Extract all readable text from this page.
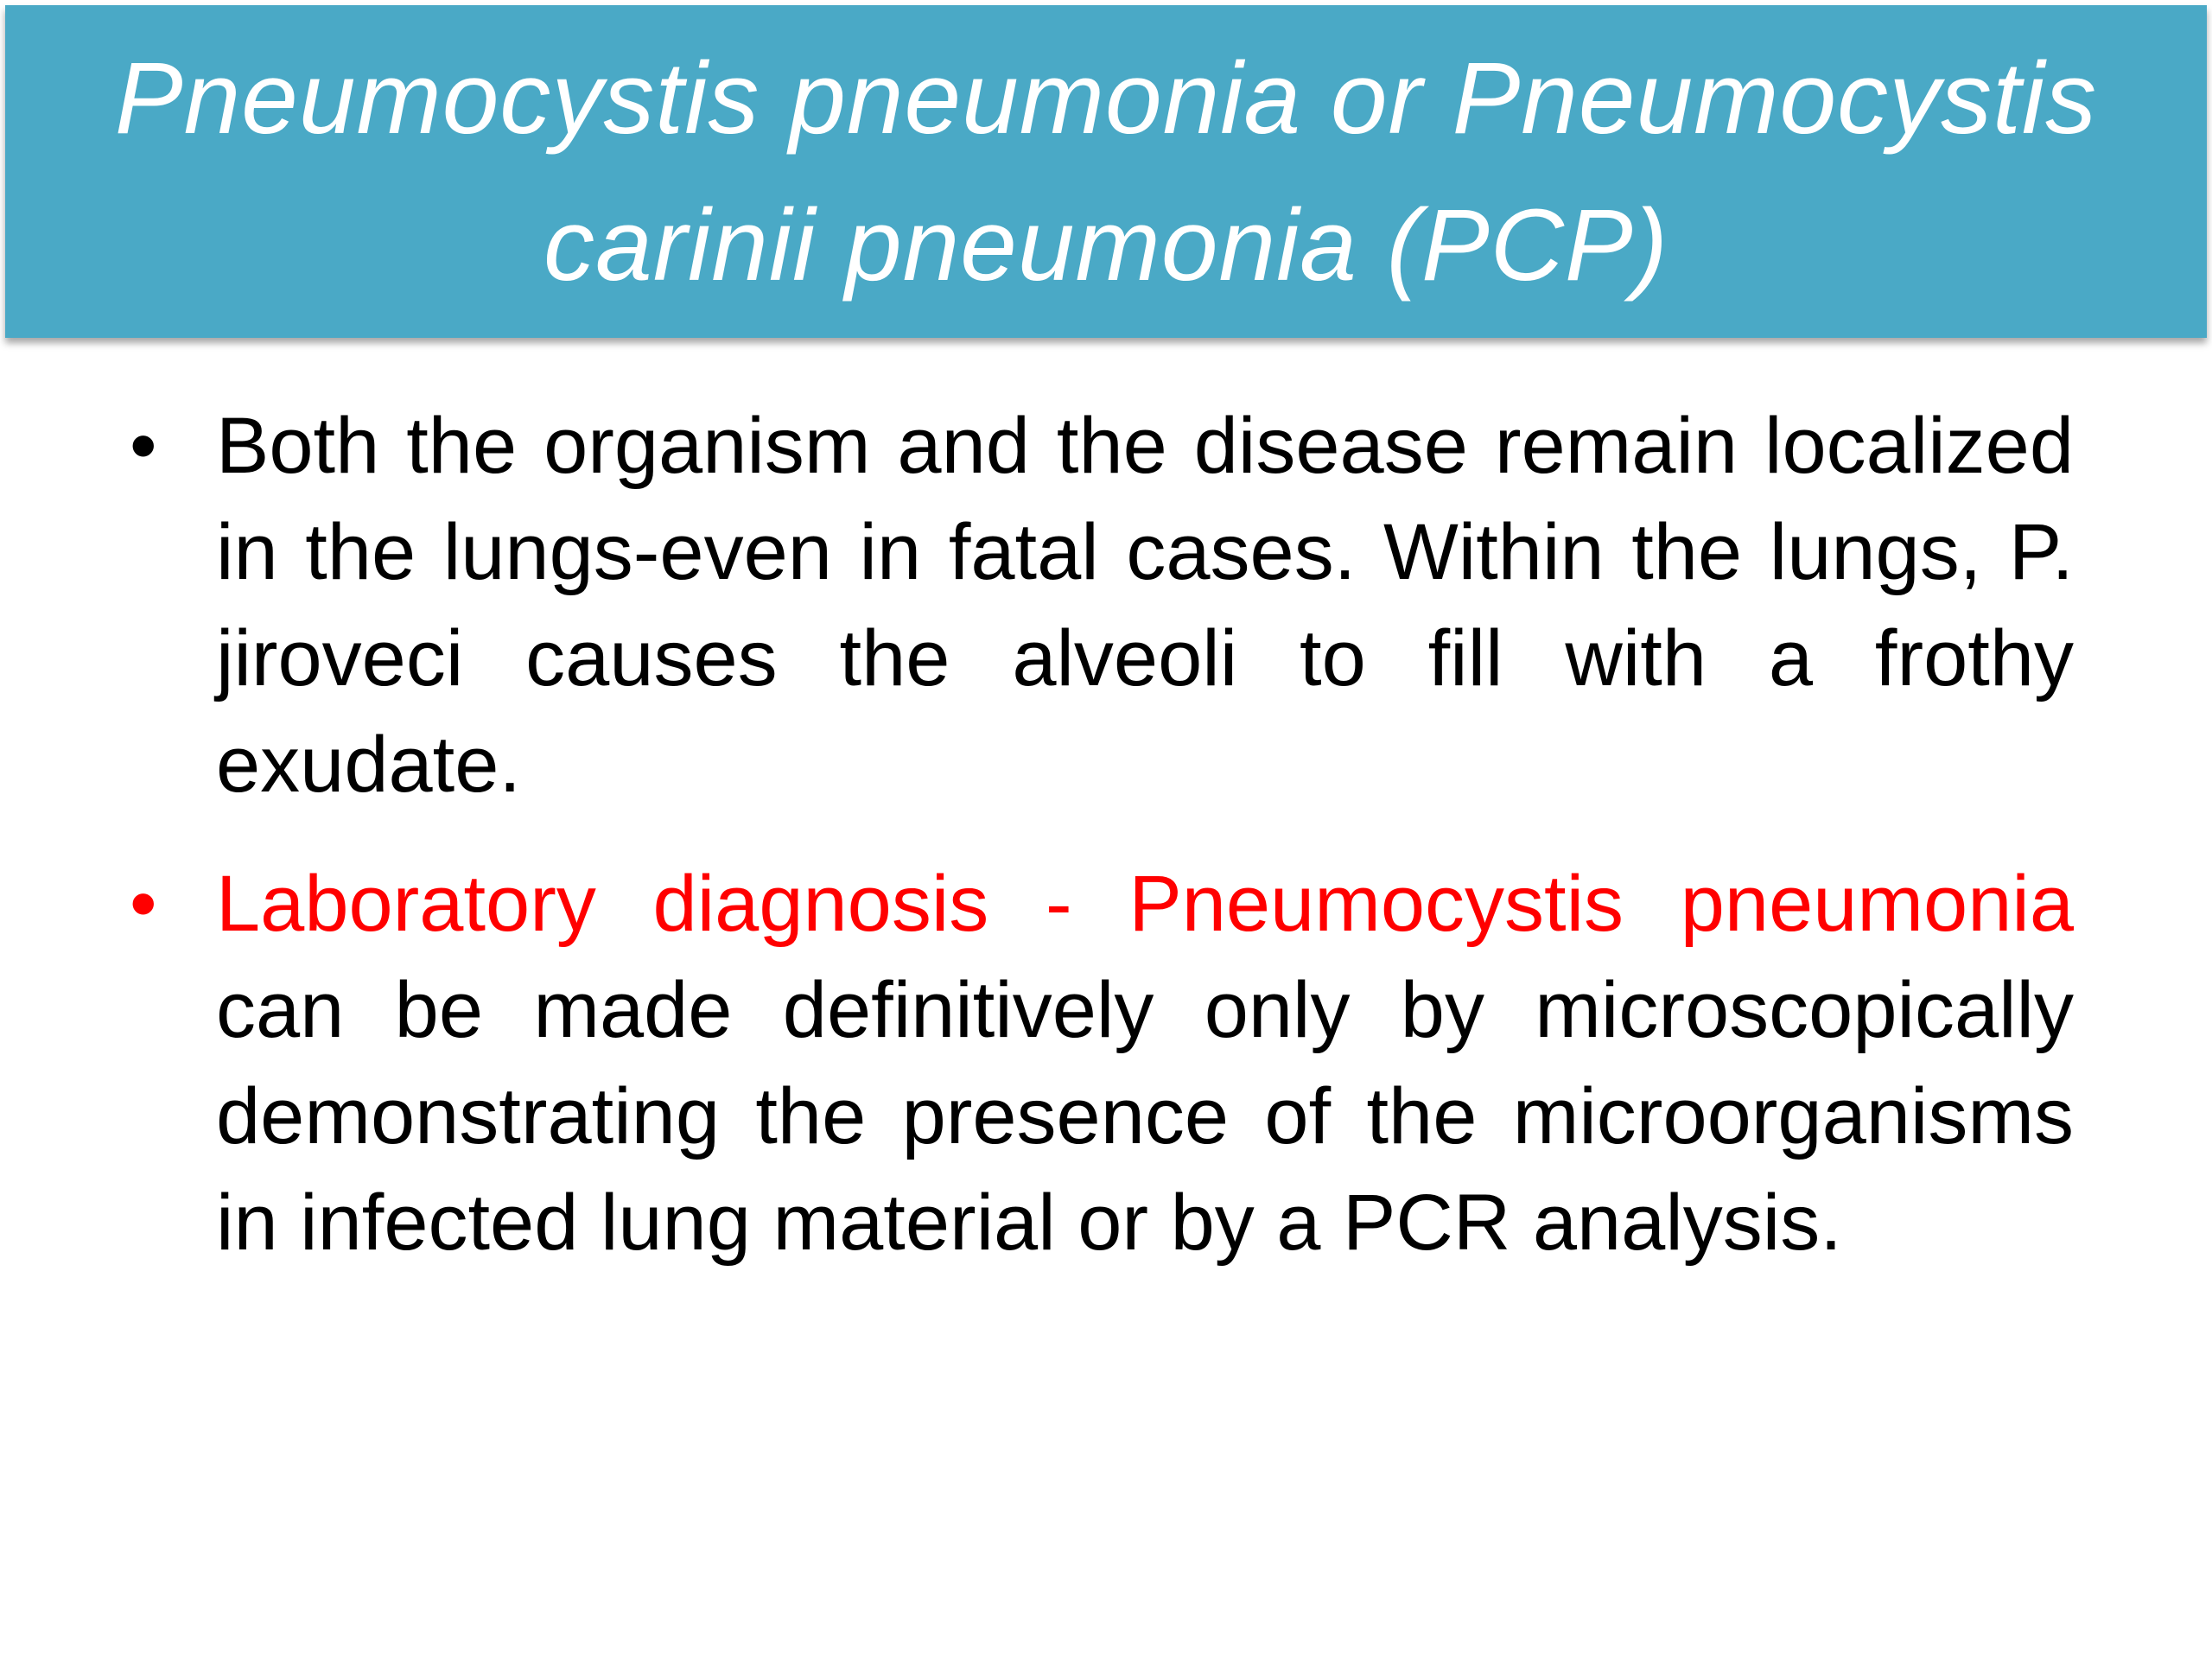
Pneumocystis pneumonia or Pneumocystis
carinii pneumonia (PCP)
• Both the organism and the disease remain localized in the lungs-even in fatal cases. Within the lungs, P. jiroveci causes the alveoli to fill with a frothy exudate.

• Laboratory diagnosis - Pneumocystis pneumonia can be made definitively only by microscopically demonstrating the presence of the microorganisms in infected lung material or by a PCR analysis.
